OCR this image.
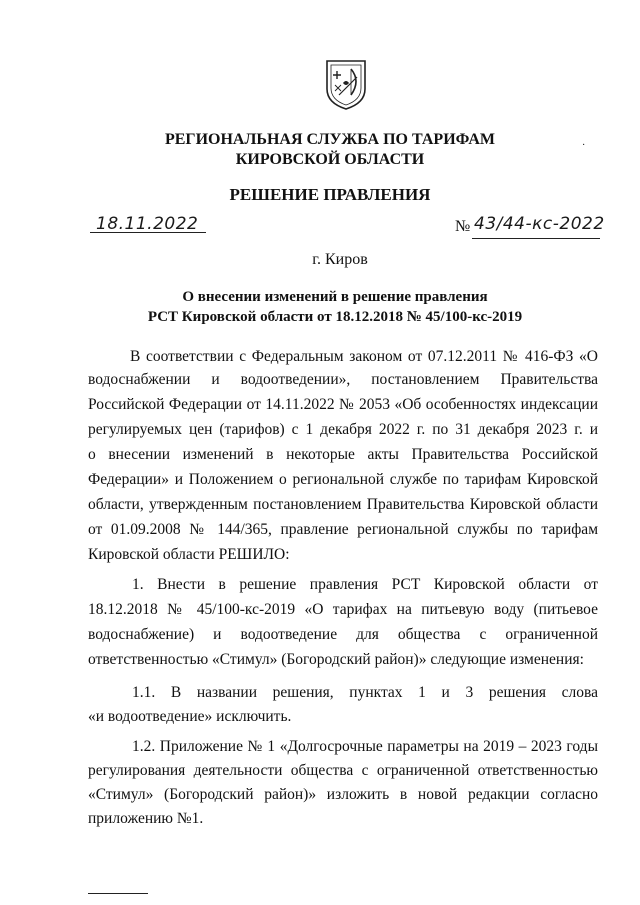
РЕГИОНАЛЬНАЯ СЛУЖБА ПО ТАРИФАМ
КИРОВСКОЙ ОБЛАСТИ
·
РЕШЕНИЕ ПРАВЛЕНИЯ
18.11.2022	№ 43/44-кс-2022
г. Киров
О внесении изменений в решение правления
РСТ Кировской области от 18.12.2018 № 45/100-кс-2019
В соответствии с Федеральным законом от 07.12.2011 № 416-ФЗ «О
водоснабжении и водоотведении», постановлением Правительства
Российской Федерации от 14.11.2022 № 2053 «Об особенностях индексации
регулируемых цен (тарифов) с 1 декабря 2022 г. по 31 декабря 2023 г. и
о внесении изменений в некоторые акты Правительства Российской
Федерации» и Положением о региональной службе по тарифам Кировской
области, утвержденным постановлением Правительства Кировской области
от 01.09.2008 № 144/365, правление региональной службы по тарифам
Кировской области РЕШИЛО:
1. Внести в решение правления РСТ Кировской области от
18.12.2018 № 45/100-кс-2019 «О тарифах на питьевую воду (питьевое
водоснабжение) и водоотведение для общества с ограниченной
ответственностью «Стимул» (Богородский район)» следующие изменения:
1.1. В названии решения, пунктах 1 и 3 решения слова
«и водоотведение» исключить.
1.2. Приложение № 1 «Долгосрочные параметры на 2019 – 2023 годы
регулирования деятельности общества с ограниченной ответственностью
«Стимул» (Богородский район)» изложить в новой редакции согласно
приложению №1.
